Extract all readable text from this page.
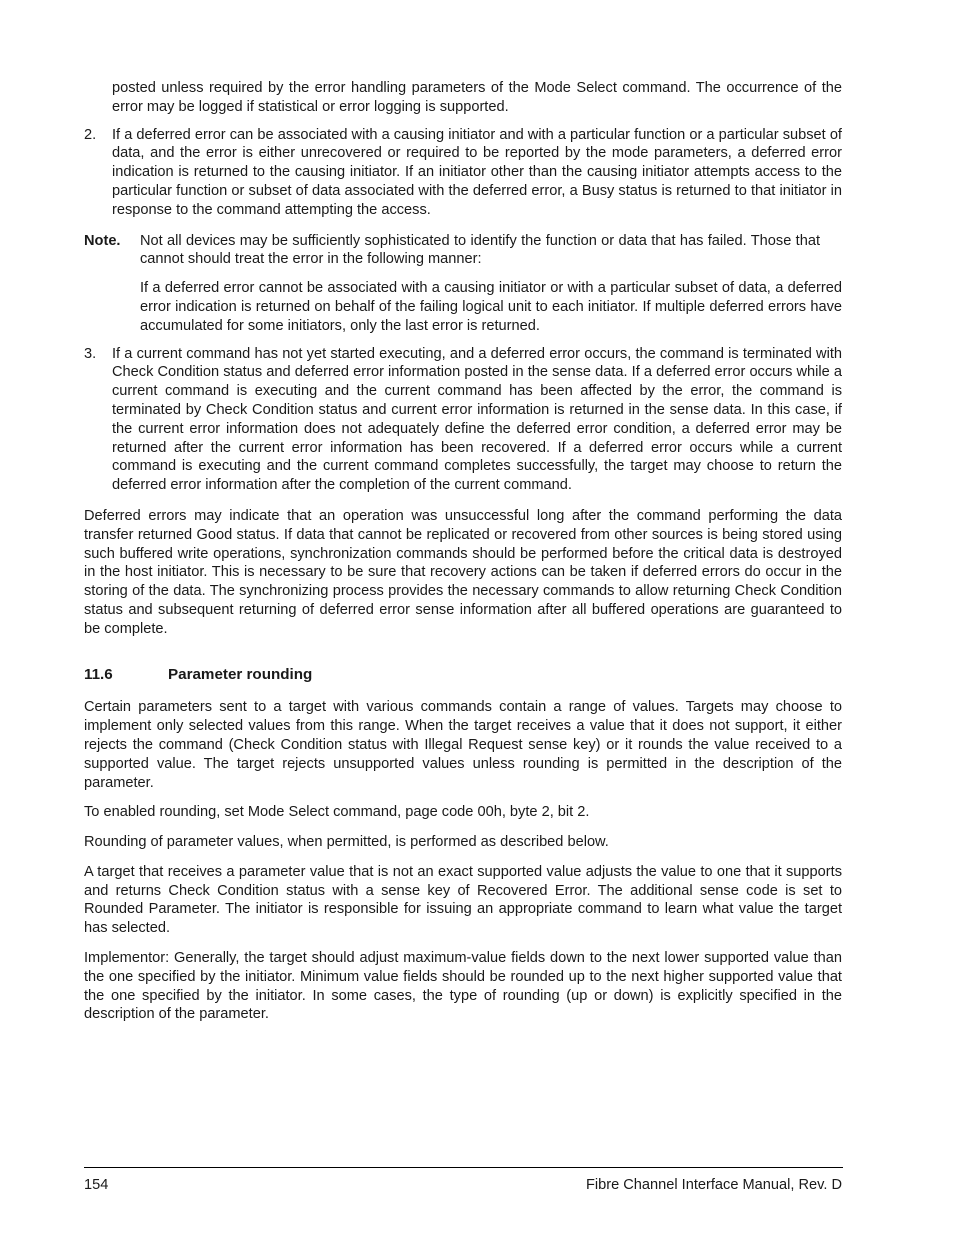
posted unless required by the error handling parameters of the Mode Select command. The occurrence of the error may be logged if statistical or error logging is supported.

2.	If a deferred error can be associated with a causing initiator and with a particular function or a particular subset of data, and the error is either unrecovered or required to be reported by the mode parameters, a deferred error indication is returned to the causing initiator. If an initiator other than the causing initiator attempts access to the particular function or subset of data associated with the deferred error, a Busy status is returned to that initiator in response to the command attempting the access.

Note.	Not all devices may be sufficiently sophisticated to identify the function or data that has failed. Those that cannot should treat the error in the following manner:

If a deferred error cannot be associated with a causing initiator or with a particular subset of data, a deferred error indication is returned on behalf of the failing logical unit to each initiator. If multiple deferred errors have accumulated for some initiators, only the last error is returned.

3.	If a current command has not yet started executing, and a deferred error occurs, the command is terminated with Check Condition status and deferred error information posted in the sense data. If a deferred error occurs while a current command is executing and the current command has been affected by the error, the command is terminated by Check Condition status and current error information is returned in the sense data. In this case, if the current error information does not adequately define the deferred error condition, a deferred error may be returned after the current error information has been recovered. If a deferred error occurs while a current command is executing and the current command completes successfully, the target may choose to return the deferred error information after the completion of the current command.

Deferred errors may indicate that an operation was unsuccessful long after the command performing the data transfer returned Good status. If data that cannot be replicated or recovered from other sources is being stored using such buffered write operations, synchronization commands should be performed before the critical data is destroyed in the host initiator. This is necessary to be sure that recovery actions can be taken if deferred errors do occur in the storing of the data. The synchronizing process provides the necessary commands to allow returning Check Condition status and subsequent returning of deferred error sense information after all buffered operations are guaranteed to be complete.

11.6	Parameter rounding

Certain parameters sent to a target with various commands contain a range of values. Targets may choose to implement only selected values from this range. When the target receives a value that it does not support, it either rejects the command (Check Condition status with Illegal Request sense key) or it rounds the value received to a supported value. The target rejects unsupported values unless rounding is permitted in the description of the parameter.

To enabled rounding, set Mode Select command, page code 00h, byte 2, bit 2.

Rounding of parameter values, when permitted, is performed as described below.

A target that receives a parameter value that is not an exact supported value adjusts the value to one that it supports and returns Check Condition status with a sense key of Recovered Error. The additional sense code is set to Rounded Parameter. The initiator is responsible for issuing an appropriate command to learn what value the target has selected.

Implementor: Generally, the target should adjust maximum-value fields down to the next lower supported value than the one specified by the initiator. Minimum value fields should be rounded up to the next higher supported value that the one specified by the initiator. In some cases, the type of rounding (up or down) is explicitly specified in the description of the parameter.

154	Fibre Channel Interface Manual, Rev. D
